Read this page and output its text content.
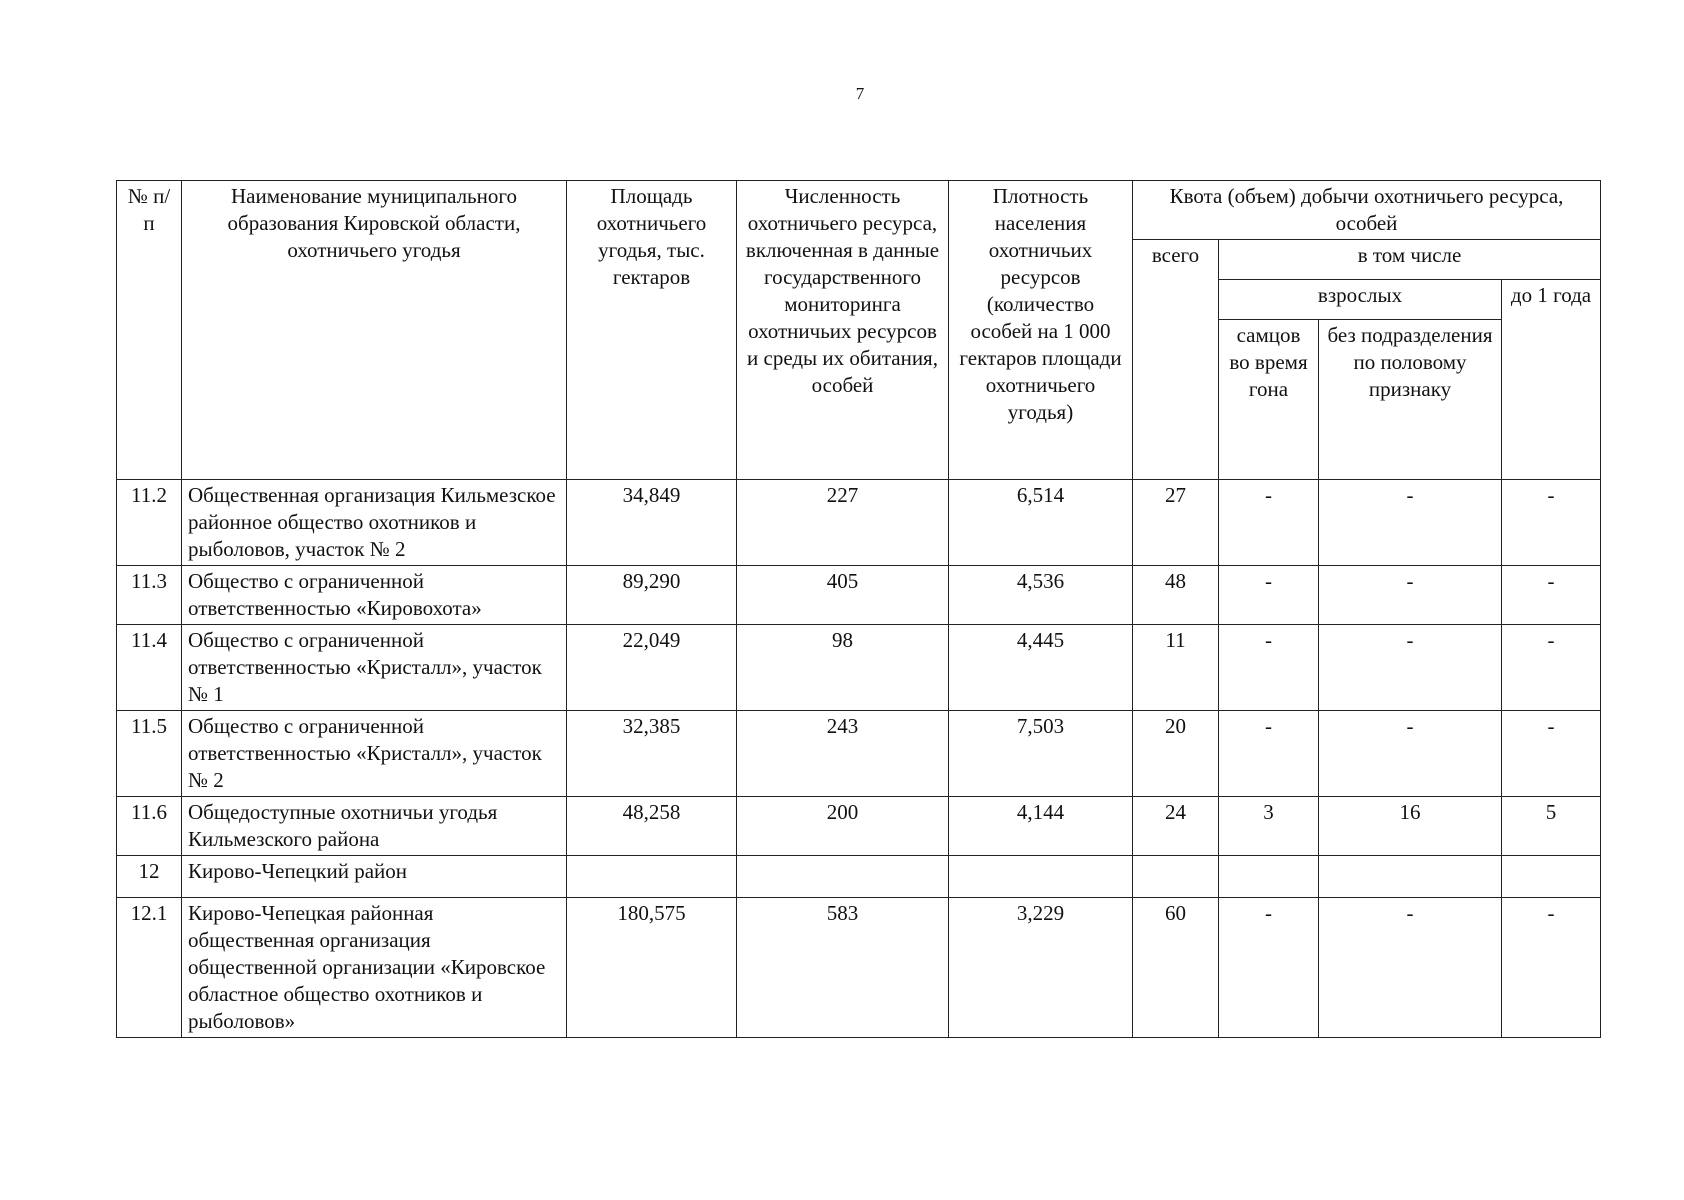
7
№ п/п	Наименование муниципального образования Кировской области, охотничьего угодья	Площадь охотничьего угодья, тыс. гектаров	Численность охотничьего ресурса, включенная в данные государственного мониторинга охотничьих ресурсов и среды их обитания, особей	Плотность населения охотничьих ресурсов (количество особей на 1 000 гектаров площади охотничьего угодья)	Квота (объем) добычи охотничьего ресурса, особей			
					всего	в том числе		
						взрослых		до 1 года
						самцов во время гона	без подразделения по половому признаку	
11.2	Общественная организация Кильмезское районное общество охотников и рыболовов, участок № 2	34,849	227	6,514	27	-	-	-
11.3	Общество с ограниченной ответственностью «Кировохота»	89,290	405	4,536	48	-	-	-
11.4	Общество с ограниченной ответственностью «Кристалл», участок № 1	22,049	98	4,445	11	-	-	-
11.5	Общество с ограниченной ответственностью «Кристалл», участок № 2	32,385	243	7,503	20	-	-	-
11.6	Общедоступные охотничьи угодья Кильмезского района	48,258	200	4,144	24	3	16	5
12	Кирово-Чепецкий район							
12.1	Кирово-Чепецкая районная общественная организация общественной организации «Кировское областное общество охотников и рыболовов»	180,575	583	3,229	60	-	-	-
